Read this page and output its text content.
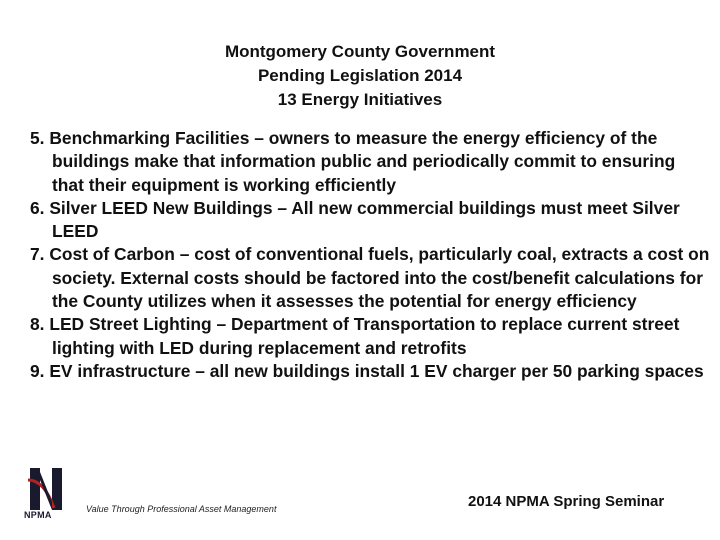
Montgomery County Government
Pending Legislation 2014
13 Energy Initiatives
5. Benchmarking Facilities – owners to measure the energy efficiency of the buildings make that information public and periodically commit to ensuring that their equipment is working efficiently
6. Silver LEED New Buildings – All new commercial buildings must meet Silver LEED
7. Cost of Carbon – cost of conventional fuels, particularly coal, extracts a cost on society. External costs should be factored into the cost/benefit calculations for the County utilizes when it assesses the potential for energy efficiency
8. LED Street Lighting – Department of Transportation to replace current street lighting with LED during replacement and retrofits
9. EV infrastructure – all new buildings install 1 EV charger per 50 parking spaces
NPMA
Value Through Professional Asset Management	2014 NPMA Spring Seminar
